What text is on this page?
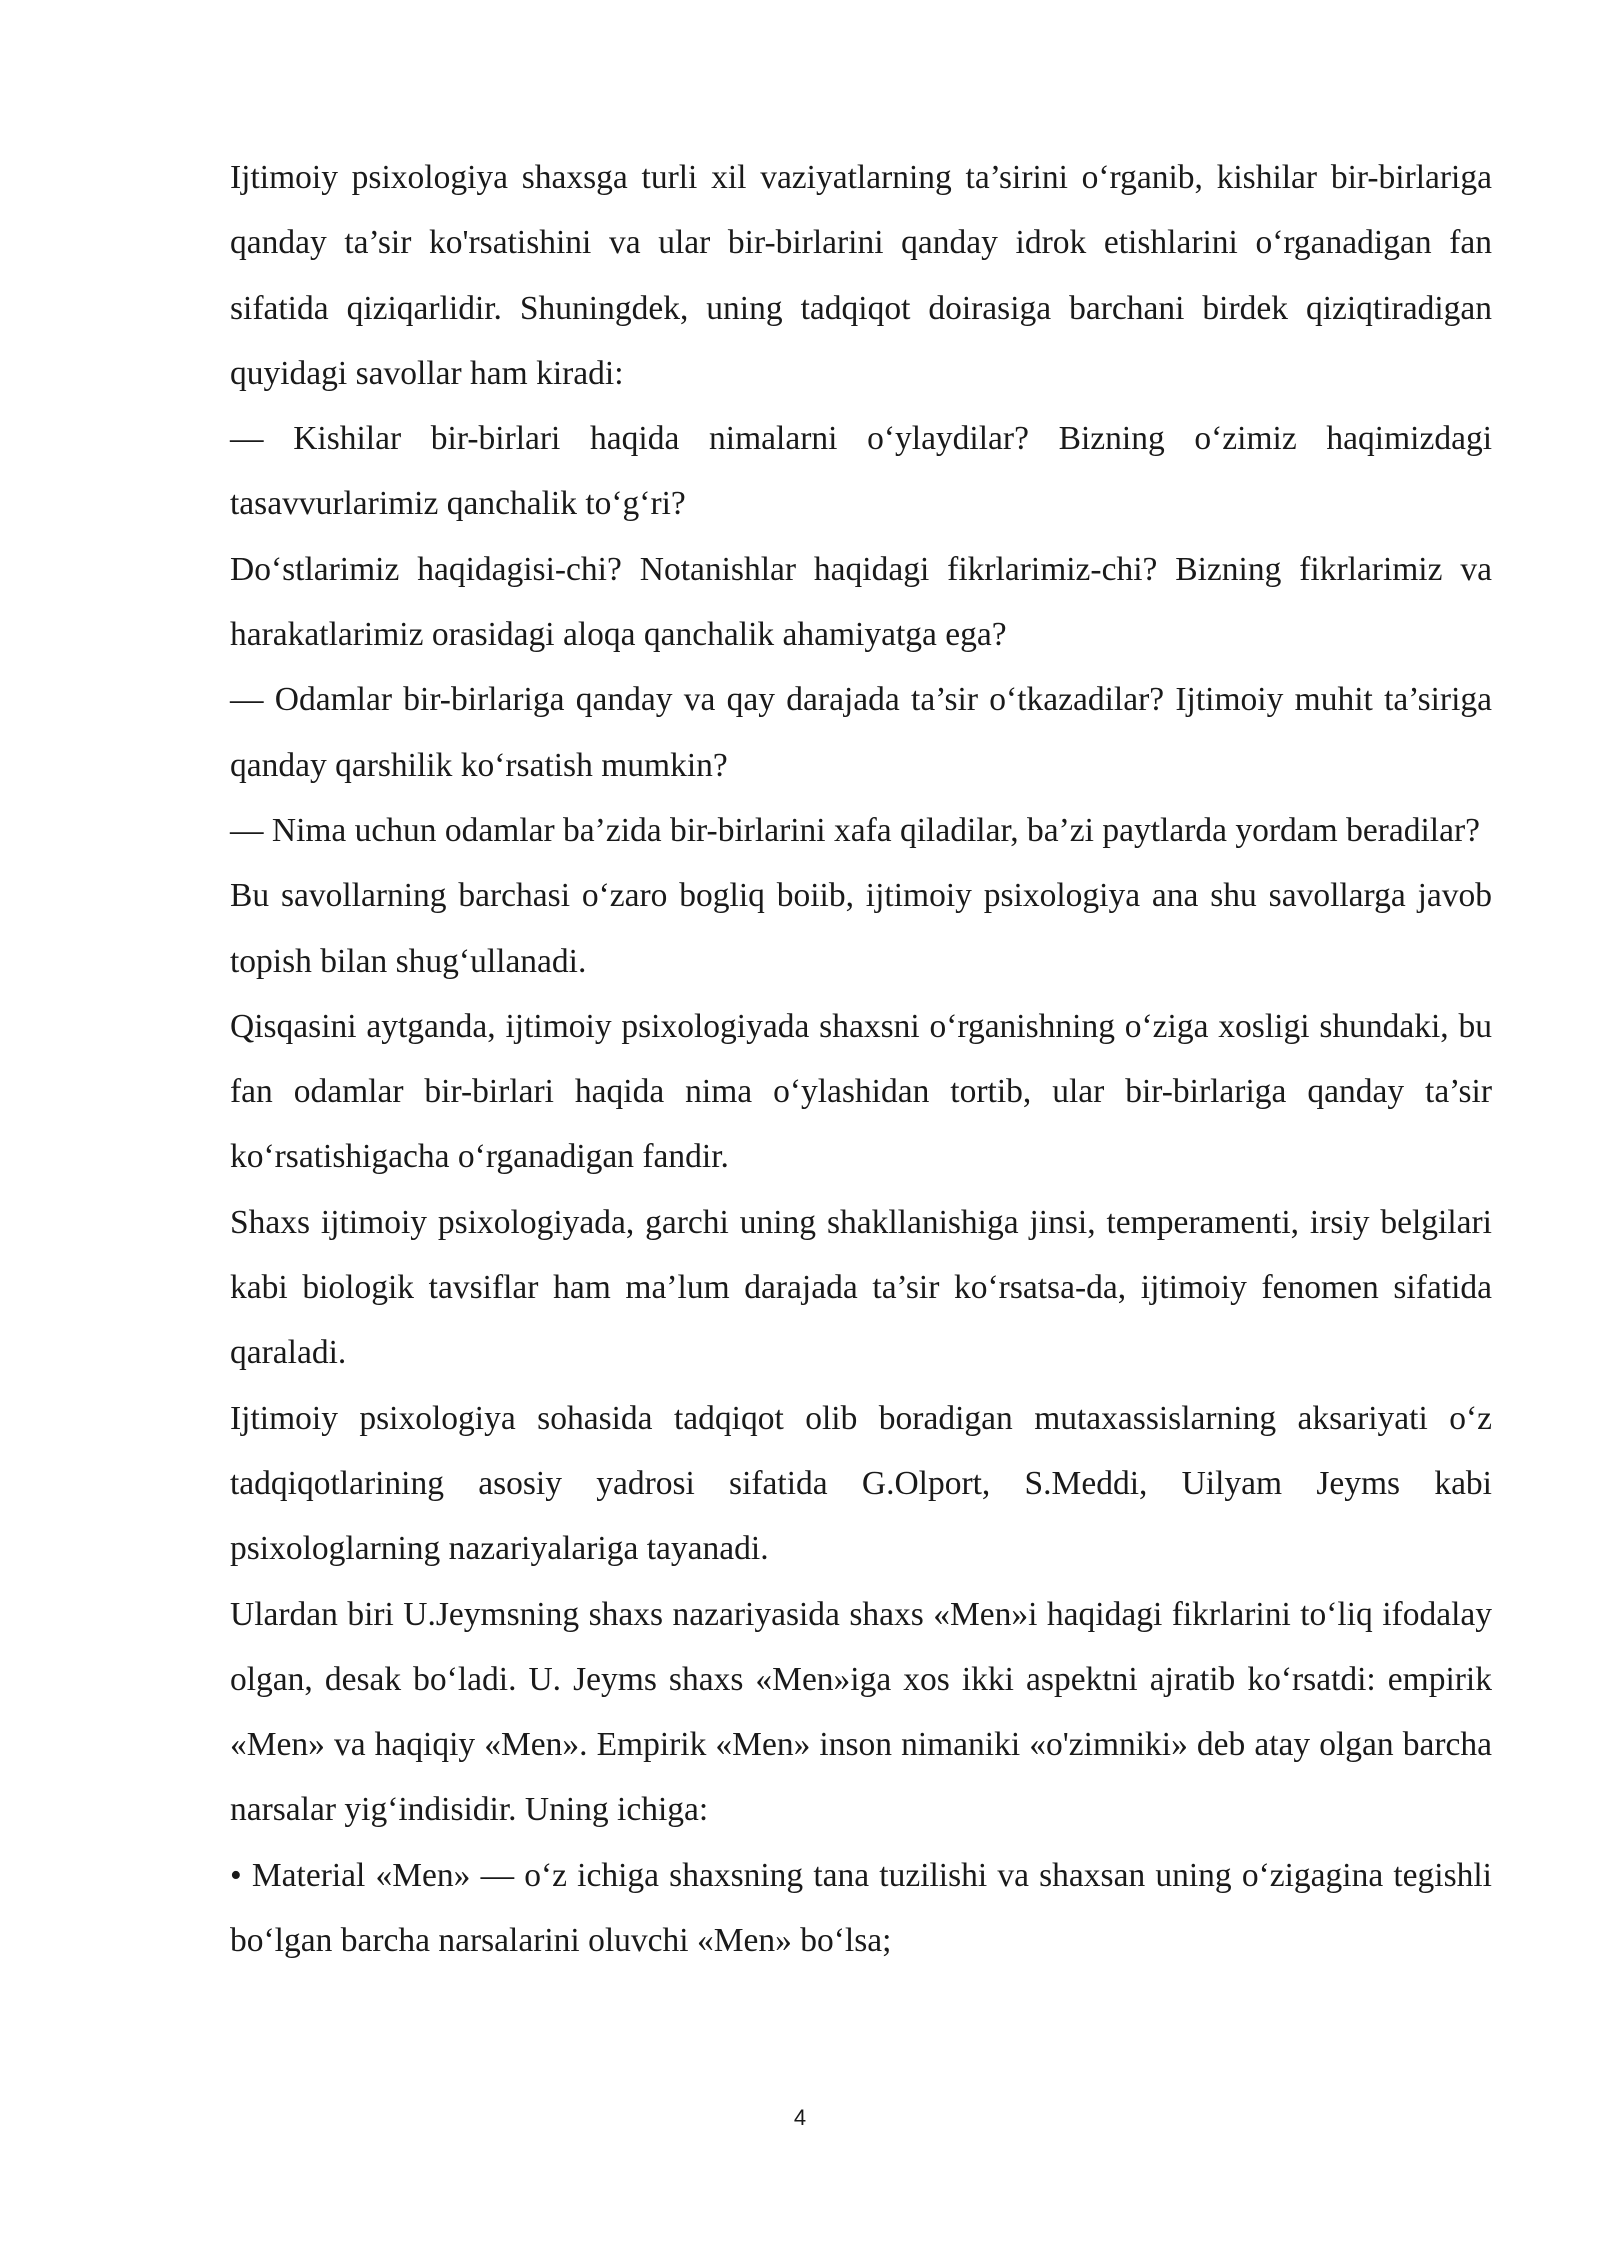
Ijtimoiy psixologiya shaxsga turli xil vaziyatlarning ta’sirini o‘rganib, kishilar bir-birlariga qanday ta’sir ko'rsatishini va ular bir-birlarini qanday idrok etishlarini o‘rganadigan fan sifatida qiziqarlidir. Shuningdek, uning tadqiqot doirasiga barchani birdek qiziqtiradigan quyidagi savollar ham kiradi:

— Kishilar bir-birlari haqida nimalarni o‘ylaydilar? Bizning o‘zimiz haqimizdagi tasavvurlarimiz qanchalik to‘g‘ri?

Do‘stlarimiz haqidagisi-chi? Notanishlar haqidagi fikrlarimiz-chi? Bizning fikrlarimiz va harakatlarimiz orasidagi aloqa qanchalik ahamiyatga ega?

— Odamlar bir-birlariga qanday va qay darajada ta’sir o‘tkazadilar? Ijtimoiy muhit ta’siriga qanday qarshilik ko‘rsatish mumkin?

— Nima uchun odamlar ba’zida bir-birlarini xafa qiladilar, ba’zi paytlarda yordam beradilar?

Bu savollarning barchasi o‘zaro bogliq boiib, ijtimoiy psixologiya ana shu savollarga javob topish bilan shug‘ullanadi.

Qisqasini aytganda, ijtimoiy psixologiyada shaxsni o‘rganishning o‘ziga xosligi shundaki, bu fan odamlar bir-birlari haqida nima o‘ylashidan tortib, ular bir-birlariga qanday ta’sir ko‘rsatishigacha o‘rganadigan fandir.

Shaxs ijtimoiy psixologiyada, garchi uning shakllanishiga jinsi, temperamenti, irsiy belgilari kabi biologik tavsiflar ham ma’lum darajada ta’sir ko‘rsatsa-da, ijtimoiy fenomen sifatida qaraladi.

Ijtimoiy psixologiya sohasida tadqiqot olib boradigan mutaxassislarning aksariyati o‘z tadqiqotlarining asosiy yadrosi sifatida G.Olport, S.Meddi, Uilyam Jeyms kabi psixologlarning nazariyalariga tayanadi.

Ulardan biri U.Jeymsning shaxs nazariyasida shaxs «Men»i haqidagi fikrlarini to‘liq ifodalay olgan, desak bo‘ladi. U. Jeyms shaxs «Men»iga xos ikki aspektni ajratib ko‘rsatdi: empirik «Men» va haqiqiy «Men». Empirik «Men» inson nimaniki «o'zimniki» deb atay olgan barcha narsalar yig‘indisidir. Uning ichiga:

• Material «Men» — o‘z ichiga shaxsning tana tuzilishi va shaxsan uning o‘zigagina tegishli bo‘lgan barcha narsalarini oluvchi «Men» bo‘lsa;

4
